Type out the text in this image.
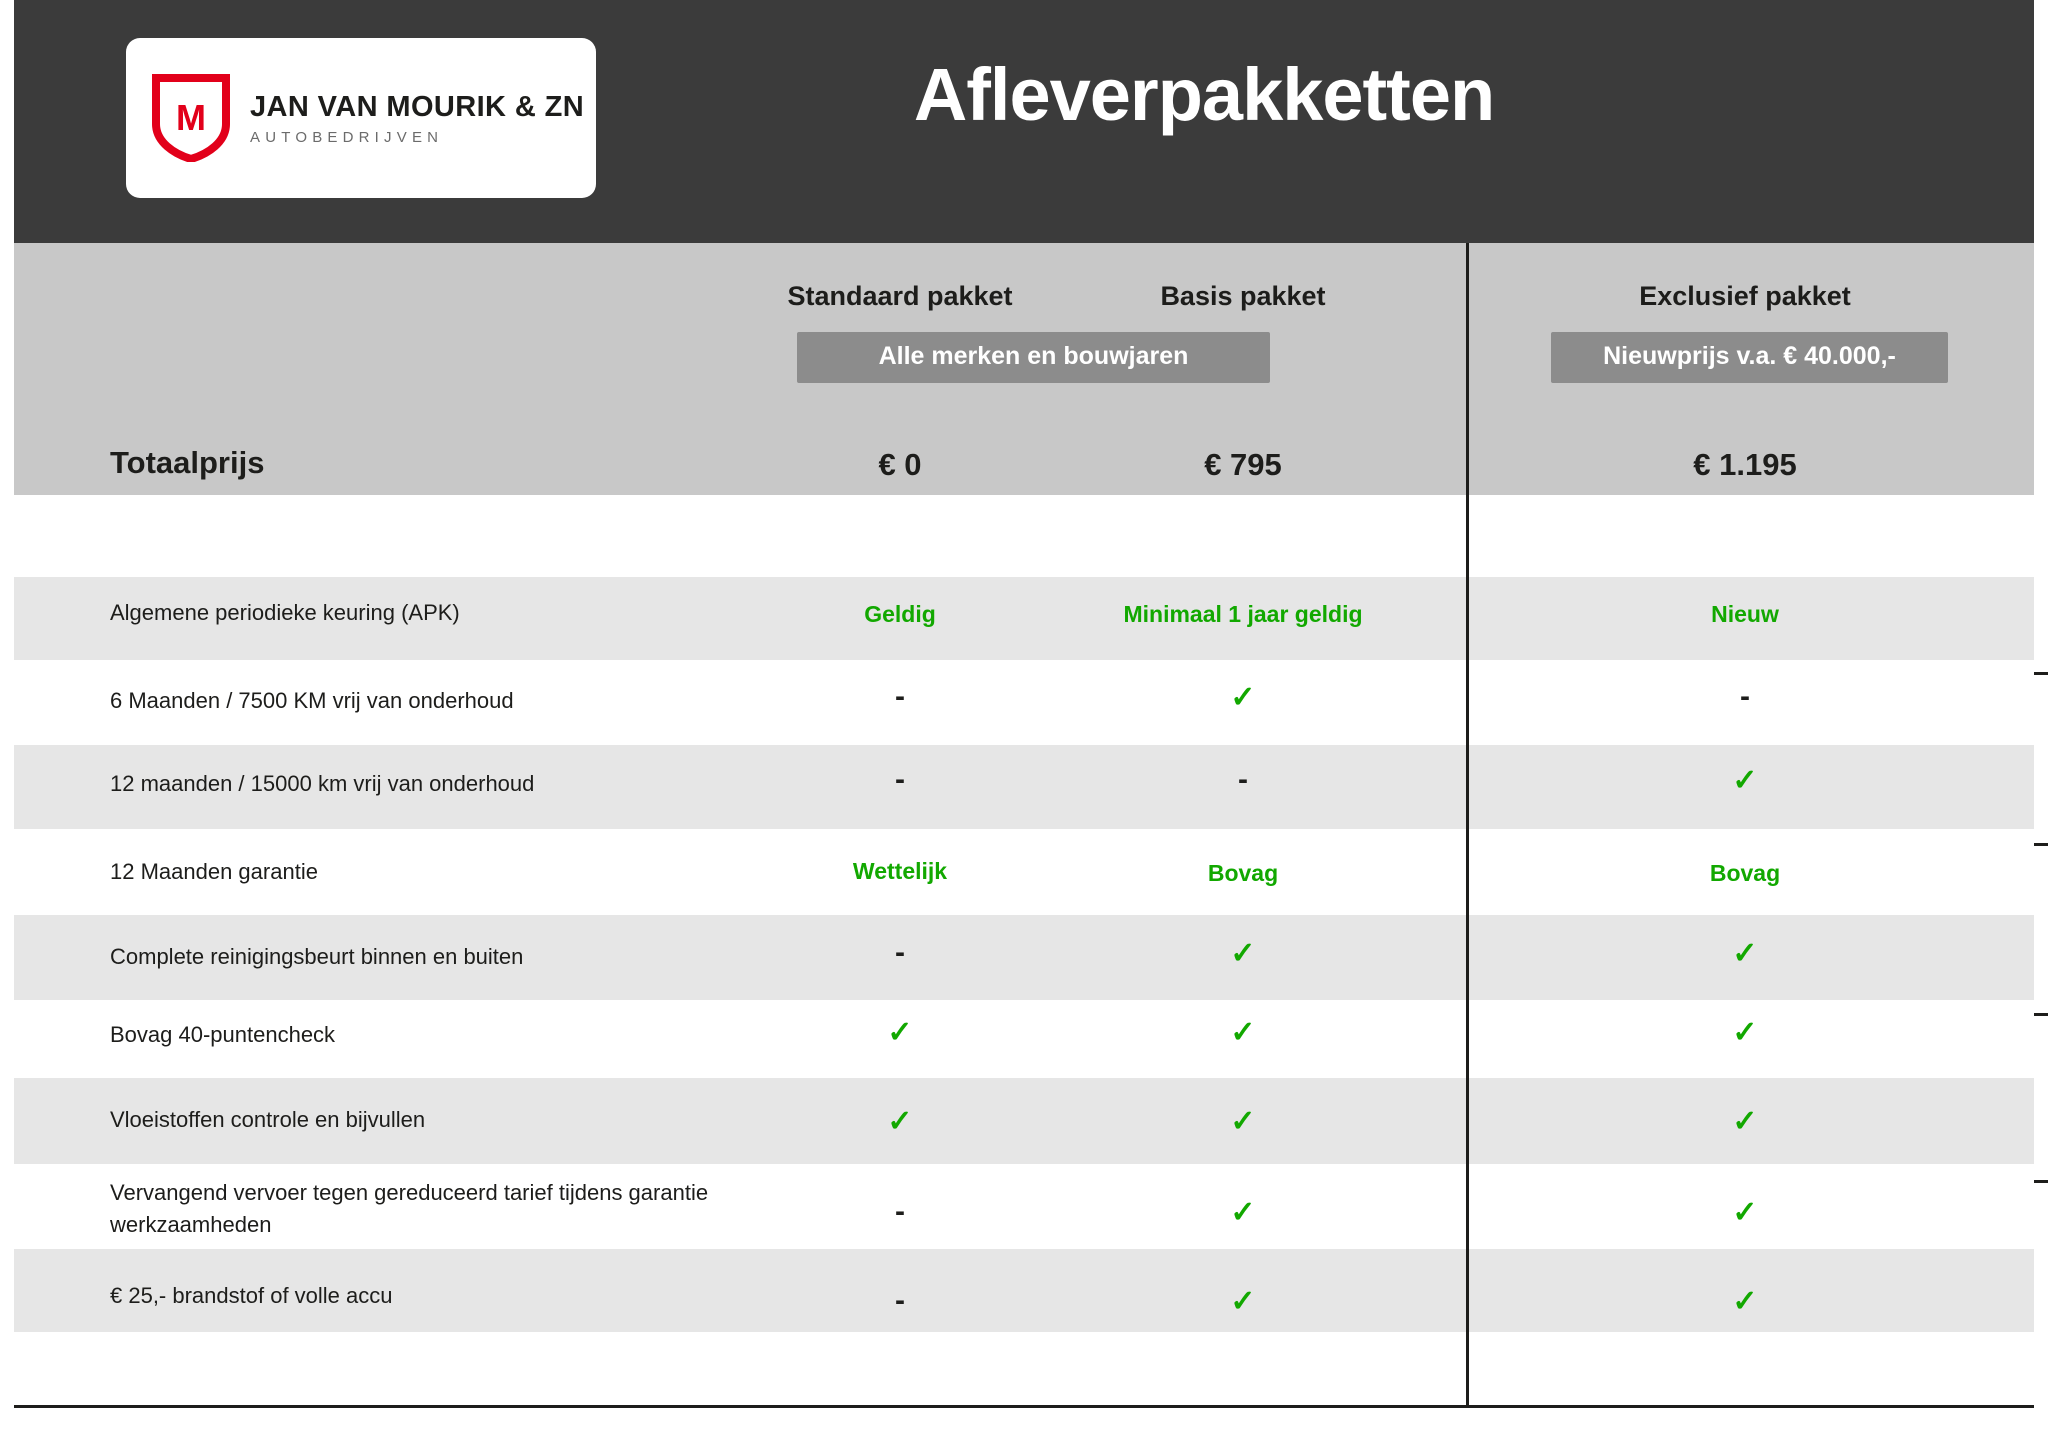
M JAN VAN MOURIK & ZN
AUTOBEDRIJVEN
Afleverpakketten
Standaard pakket	Basis pakket	Exclusief pakket
Alle merken en bouwjaren	Nieuwprijs v.a. € 40.000,-
Totaalprijs	€ 0	€ 795	€ 1.195
Algemene periodieke keuring (APK)	Geldig	Minimaal 1 jaar geldig	Nieuw
6 Maanden / 7500 KM vrij van onderhoud	-	✓	-
12 maanden / 15000 km vrij van onderhoud	-	-	✓
12 Maanden garantie	Wettelijk	Bovag	Bovag
Complete reinigingsbeurt binnen en buiten	-	✓	✓
Bovag 40-puntencheck	✓	✓	✓
Vloeistoffen controle en bijvullen	✓	✓	✓
Vervangend vervoer tegen gereduceerd tarief tijdens garantie werkzaamheden	-	✓	✓
€ 25,- brandstof of volle accu	-	✓	✓
